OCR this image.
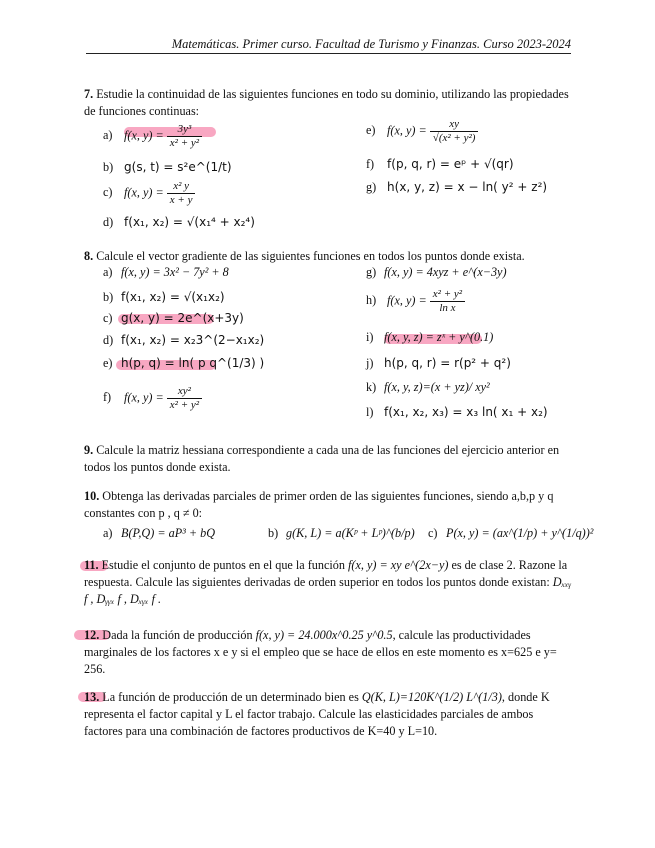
Matemáticas. Primer curso. Facultad de Turismo y Finanzas. Curso 2023-2024
7. Estudie la continuidad de las siguientes funciones en todo su dominio, utilizando las propiedades de funciones continuas:
a) f(x, $y) = \frac{\text{3y³}}{\text{x² + y²}}$
b) g(s, t) = s²e^(1/t)
c) f(x, $y) = \frac{\text{x² y}}{x + y}$
d) f(x₁, x₂) = √(x₁⁴ + x₂⁴)
e) f(x, $y) = \frac{xy}{\text{√(x² + y²)}}$
f) f(p, q, r) = eᵖ + √(qr)
g) h(x, y, z) = x − ln( y² + z²)
8. Calcule el vector gradiente de las siguientes funciones en todos los puntos donde exista.
a) f(x, y) = 3x² − 7y² + 8
b) f(x₁, x₂) = √(x₁x₂)
c) g(x, y) = 2e^(x+3y)
d) f(x₁, x₂) = x₂3^(2−x₁x₂)
e) h(p, q) = ln( p q^(1/3) )
f) f(x, $y) = \frac{\text{xy²}}{\text{x² + y²}}$
g) f(x, y) = 4xyz + e^(x−3y)
h) f(x, $y) = \frac{\text{x² + y²}}{\text{ln x}}$
i) f(x, y, z) = zˣ + y^(0.1)
j) h(p, q, r) = r(p² + q²)
k) f(x, y, z)=(x + yz)/ xy²
l) f(x₁, x₂, x₃) = x₃ ln( x₁ + x₂)
9. Calcule la matriz hessiana correspondiente a cada una de las funciones del ejercicio anterior en todos los puntos donde exista.
10. Obtenga las derivadas parciales de primer orden de las siguientes funciones, siendo a,b,p y q constantes con p , q ≠ 0:
a) B(P,Q) = aP³ + bQ	b) g(K, L) = a(Kᵖ + Lᵖ)^(b/p) c) P(x, y) = (ax^(1/p) + y^(1/q))²
11. Estudie el conjunto de puntos en el que la función f(x, y) = xy e^(2x−y) es de clase 2. Razone la respuesta. Calcule las siguientes derivadas de orden superior en todos los puntos donde existan: Dₓₓᵧ f , Dᵧᵧₓ f , Dₓᵧₓ f .
12. Dada la función de producción f(x, y) = 24.000x^0.25 y^0.5, calcule las productividades marginales de los factores x e y si el empleo que se hace de ellos en este momento es x=625 e y= 256.
13. La función de producción de un determinado bien es Q(K, L)=120K^(1/2) L^(1/3), donde K representa el factor capital y L el factor trabajo. Calcule las elasticidades parciales de ambos factores para una combinación de factores productivos de K=40 y L=10.
